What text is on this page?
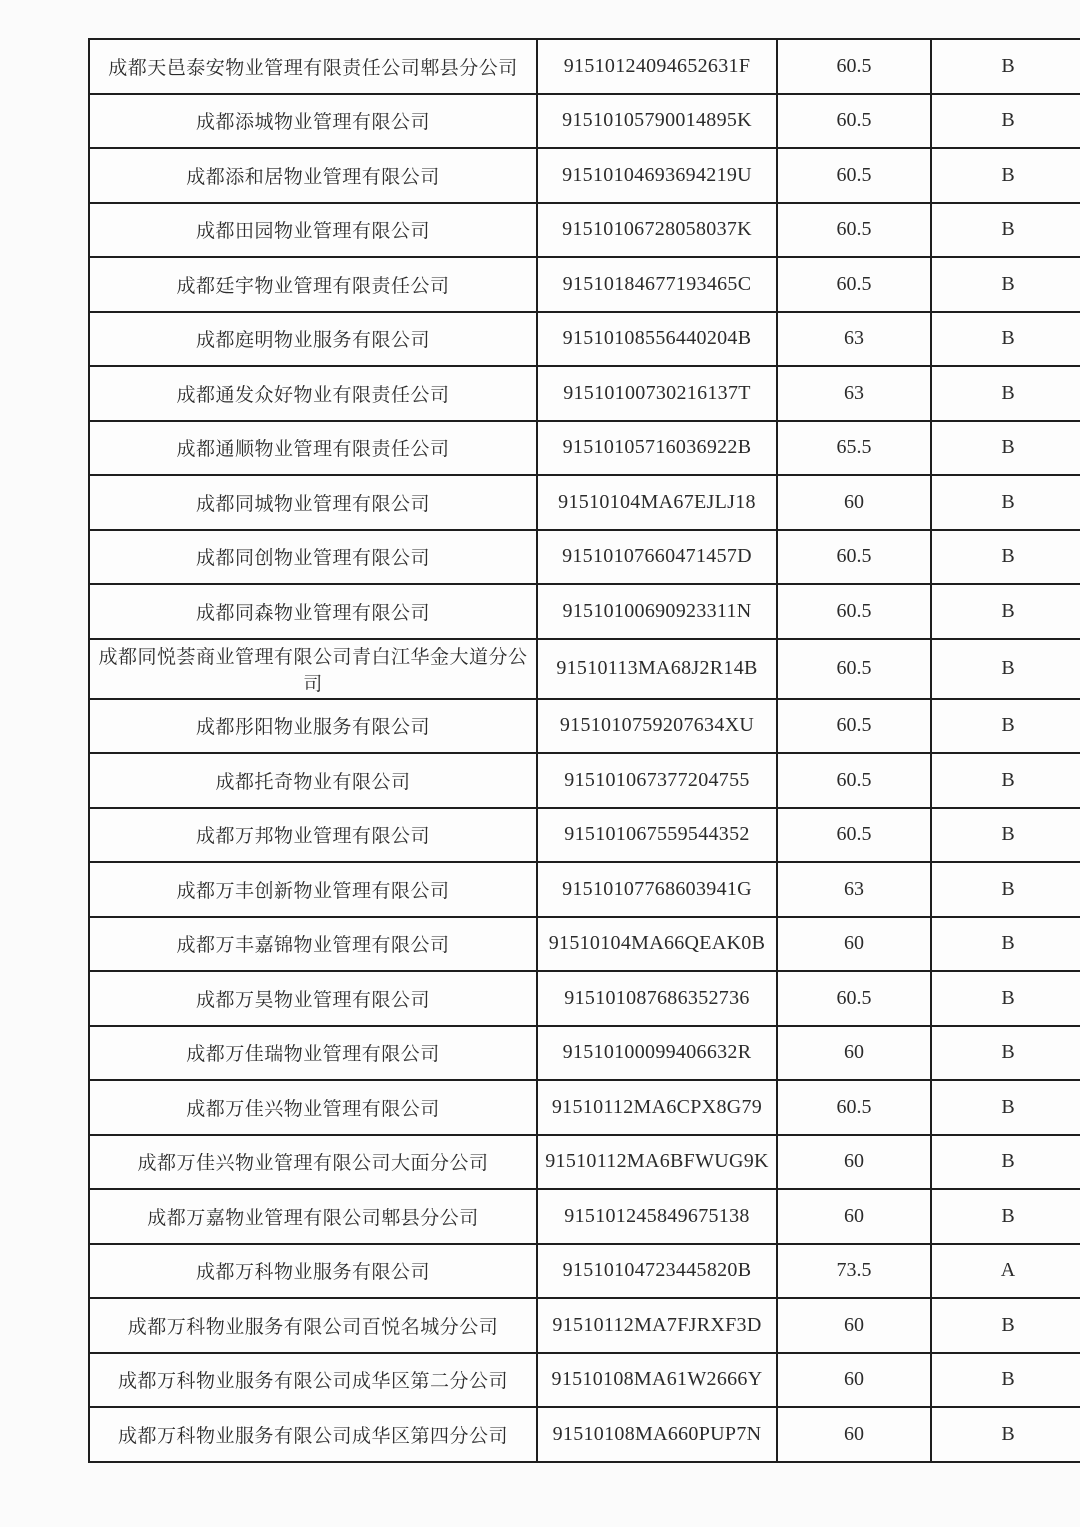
成都天邑泰安物业管理有限责任公司郫县分公司	91510124094652631F	60.5	B
成都添城物业管理有限公司	91510105790014895K	60.5	B
成都添和居物业管理有限公司	91510104693694219U	60.5	B
成都田园物业管理有限公司	91510106728058037K	60.5	B
成都廷宇物业管理有限责任公司	91510184677193465C	60.5	B
成都庭明物业服务有限公司	91510108556440204B	63	B
成都通发众好物业有限责任公司	91510100730216137T	63	B
成都通顺物业管理有限责任公司	91510105716036922B	65.5	B
成都同城物业管理有限公司	91510104MA67EJLJ18	60	B
成都同创物业管理有限公司	91510107660471457D	60.5	B
成都同森物业管理有限公司	91510100690923311N	60.5	B
成都同悦荟商业管理有限公司青白江华金大道分公司	91510113MA68J2R14B	60.5	B
成都彤阳物业服务有限公司	9151010759207634XU	60.5	B
成都托奇物业有限公司	915101067377204755	60.5	B
成都万邦物业管理有限公司	915101067559544352	60.5	B
成都万丰创新物业管理有限公司	91510107768603941G	63	B
成都万丰嘉锦物业管理有限公司	91510104MA66QEAK0B	60	B
成都万昊物业管理有限公司	915101087686352736	60.5	B
成都万佳瑞物业管理有限公司	91510100099406632R	60	B
成都万佳兴物业管理有限公司	91510112MA6CPX8G79	60.5	B
成都万佳兴物业管理有限公司大面分公司	91510112MA6BFWUG9K	60	B
成都万嘉物业管理有限公司郫县分公司	915101245849675138	60	B
成都万科物业服务有限公司	91510104723445820B	73.5	A
成都万科物业服务有限公司百悦名城分公司	91510112MA7FJRXF3D	60	B
成都万科物业服务有限公司成华区第二分公司	91510108MA61W2666Y	60	B
成都万科物业服务有限公司成华区第四分公司	91510108MA660PUP7N	60	B
